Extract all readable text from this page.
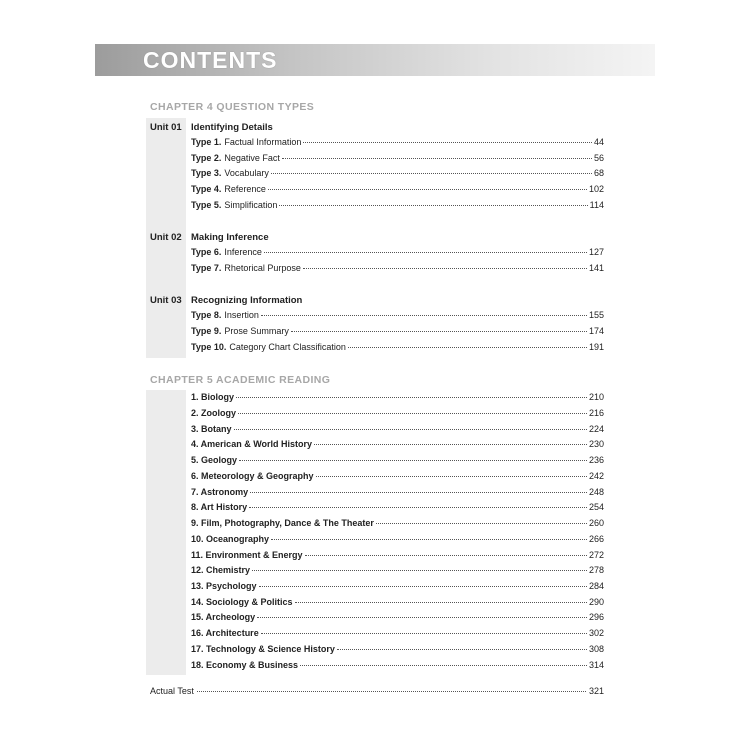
CONTENTS
CHAPTER 4 QUESTION TYPES
Unit 01 Identifying Details
Type 1. Factual Information	44
Type 2. Negative Fact	56
Type 3. Vocabulary	68
Type 4. Reference	102
Type 5. Simplification	114
Unit 02 Making Inference
Type 6. Inference	127
Type 7. Rhetorical Purpose	141
Unit 03 Recognizing Information
Type 8. Insertion	155
Type 9. Prose Summary	174
Type 10. Category Chart Classification	191
CHAPTER 5 ACADEMIC READING
1. Biology	210
2. Zoology	216
3. Botany	224
4. American & World History	230
5. Geology	236
6. Meteorology & Geography	242
7. Astronomy	248
8. Art History	254
9. Film, Photography, Dance & The Theater	260
10. Oceanography	266
11. Environment & Energy	272
12. Chemistry	278
13. Psychology	284
14. Sociology & Politics	290
15. Archeology	296
16. Architecture	302
17. Technology & Science History	308
18. Economy & Business	314
Actual Test	321
